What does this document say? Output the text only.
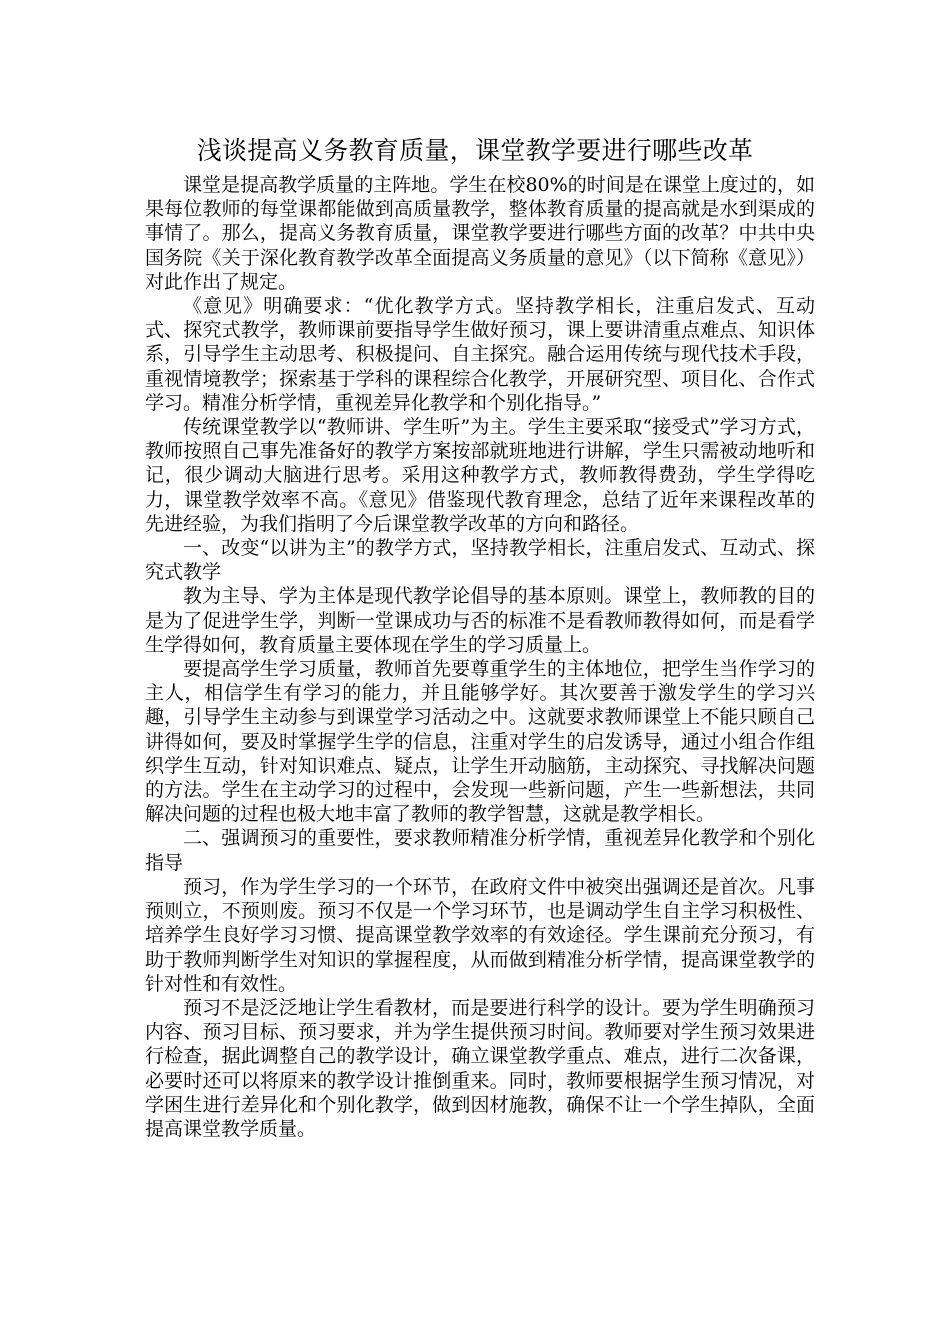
浅谈提高义务教育质量，课堂教学要进行哪些改革

课堂是提高教学质量的主阵地。学生在校80%的时间是在课堂上度过的，如果每位教师的每堂课都能做到高质量教学，整体教育质量的提高就是水到渠成的事情了。那么，提高义务教育质量，课堂教学要进行哪些方面的改革？中共中央国务院《关于深化教育教学改革全面提高义务质量的意见》（以下简称《意见》）对此作出了规定。

《意见》明确要求：“优化教学方式。坚持教学相长，注重启发式、互动式、探究式教学，教师课前要指导学生做好预习，课上要讲清重点难点、知识体系，引导学生主动思考、积极提问、自主探究。融合运用传统与现代技术手段，重视情境教学；探索基于学科的课程综合化教学，开展研究型、项目化、合作式学习。精准分析学情，重视差异化教学和个别化指导。”

传统课堂教学以“教师讲、学生听”为主。学生主要采取“接受式”学习方式，教师按照自己事先准备好的教学方案按部就班地进行讲解，学生只需被动地听和记，很少调动大脑进行思考。采用这种教学方式，教师教得费劲，学生学得吃力，课堂教学效率不高。《意见》借鉴现代教育理念，总结了近年来课程改革的先进经验，为我们指明了今后课堂教学改革的方向和路径。

一、改变“以讲为主”的教学方式，坚持教学相长，注重启发式、互动式、探究式教学

教为主导、学为主体是现代教学论倡导的基本原则。课堂上，教师教的目的是为了促进学生学，判断一堂课成功与否的标准不是看教师教得如何，而是看学生学得如何，教育质量主要体现在学生的学习质量上。

要提高学生学习质量，教师首先要尊重学生的主体地位，把学生当作学习的主人，相信学生有学习的能力，并且能够学好。其次要善于激发学生的学习兴趣，引导学生主动参与到课堂学习活动之中。这就要求教师课堂上不能只顾自己讲得如何，要及时掌握学生学的信息，注重对学生的启发诱导，通过小组合作组织学生互动，针对知识难点、疑点，让学生开动脑筋，主动探究、寻找解决问题的方法。学生在主动学习的过程中，会发现一些新问题，产生一些新想法，共同解决问题的过程也极大地丰富了教师的教学智慧，这就是教学相长。

二、强调预习的重要性，要求教师精准分析学情，重视差异化教学和个别化指导

预习，作为学生学习的一个环节，在政府文件中被突出强调还是首次。凡事预则立，不预则废。预习不仅是一个学习环节，也是调动学生自主学习积极性、培养学生良好学习习惯、提高课堂教学效率的有效途径。学生课前充分预习，有助于教师判断学生对知识的掌握程度，从而做到精准分析学情，提高课堂教学的针对性和有效性。

预习不是泛泛地让学生看教材，而是要进行科学的设计。要为学生明确预习内容、预习目标、预习要求，并为学生提供预习时间。教师要对学生预习效果进行检查，据此调整自己的教学设计，确立课堂教学重点、难点，进行二次备课，必要时还可以将原来的教学设计推倒重来。同时，教师要根据学生预习情况，对学困生进行差异化和个别化教学，做到因材施教，确保不让一个学生掉队，全面提高课堂教学质量。
